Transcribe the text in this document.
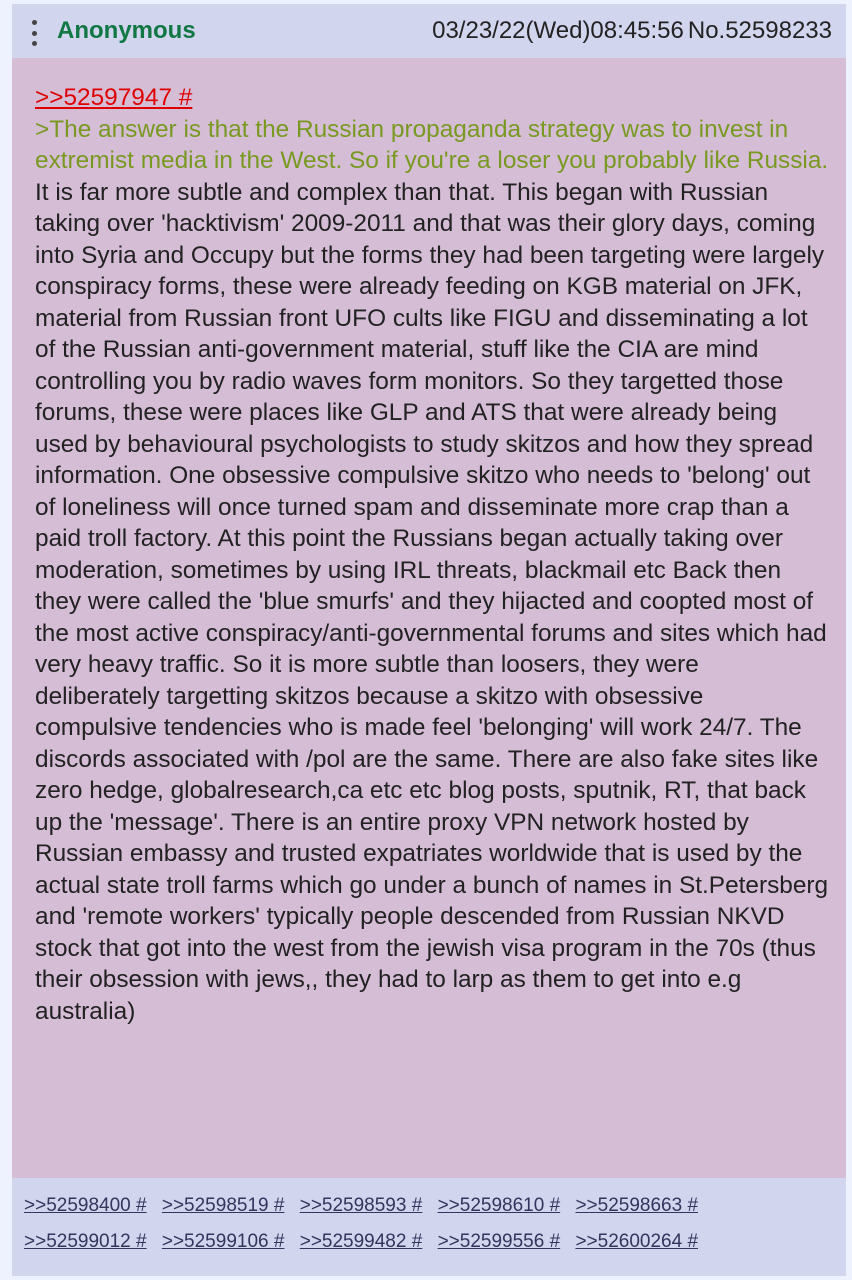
Anonymous	03/23/22(Wed)08:45:56 No.52598233
>>52597947 #
>The answer is that the Russian propaganda strategy was to invest in extremist media in the West. So if you're a loser you probably like Russia.
It is far more subtle and complex than that. This began with Russian taking over 'hacktivism' 2009-2011 and that was their glory days, coming into Syria and Occupy but the forms they had been targeting were largely conspiracy forms, these were already feeding on KGB material on JFK, material from Russian front UFO cults like FIGU and disseminating a lot of the Russian anti-government material, stuff like the CIA are mind controlling you by radio waves form monitors. So they targetted those forums, these were places like GLP and ATS that were already being used by behavioural psychologists to study skitzos and how they spread information. One obsessive compulsive skitzo who needs to 'belong' out of loneliness will once turned spam and disseminate more crap than a paid troll factory. At this point the Russians began actually taking over moderation, sometimes by using IRL threats, blackmail etc Back then they were called the 'blue smurfs' and they hijacted and coopted most of the most active conspiracy/anti-governmental forums and sites which had very heavy traffic. So it is more subtle than loosers, they were deliberately targetting skitzos because a skitzo with obsessive compulsive tendencies who is made feel 'belonging' will work 24/7. The discords associated with /pol are the same. There are also fake sites like zero hedge, globalresearch,ca etc etc blog posts, sputnik, RT, that back up the 'message'. There is an entire proxy VPN network hosted by Russian embassy and trusted expatriates worldwide that is used by the actual state troll farms which go under a bunch of names in St.Petersberg and 'remote workers' typically people descended from Russian NKVD stock that got into the west from the jewish visa program in the 70s (thus their obsession with jews,, they had to larp as them to get into e.g australia)
>>52598400 # >>52598519 # >>52598593 # >>52598610 # >>52598663 # >>52599012 # >>52599106 # >>52599482 # >>52599556 # >>52600264 #
